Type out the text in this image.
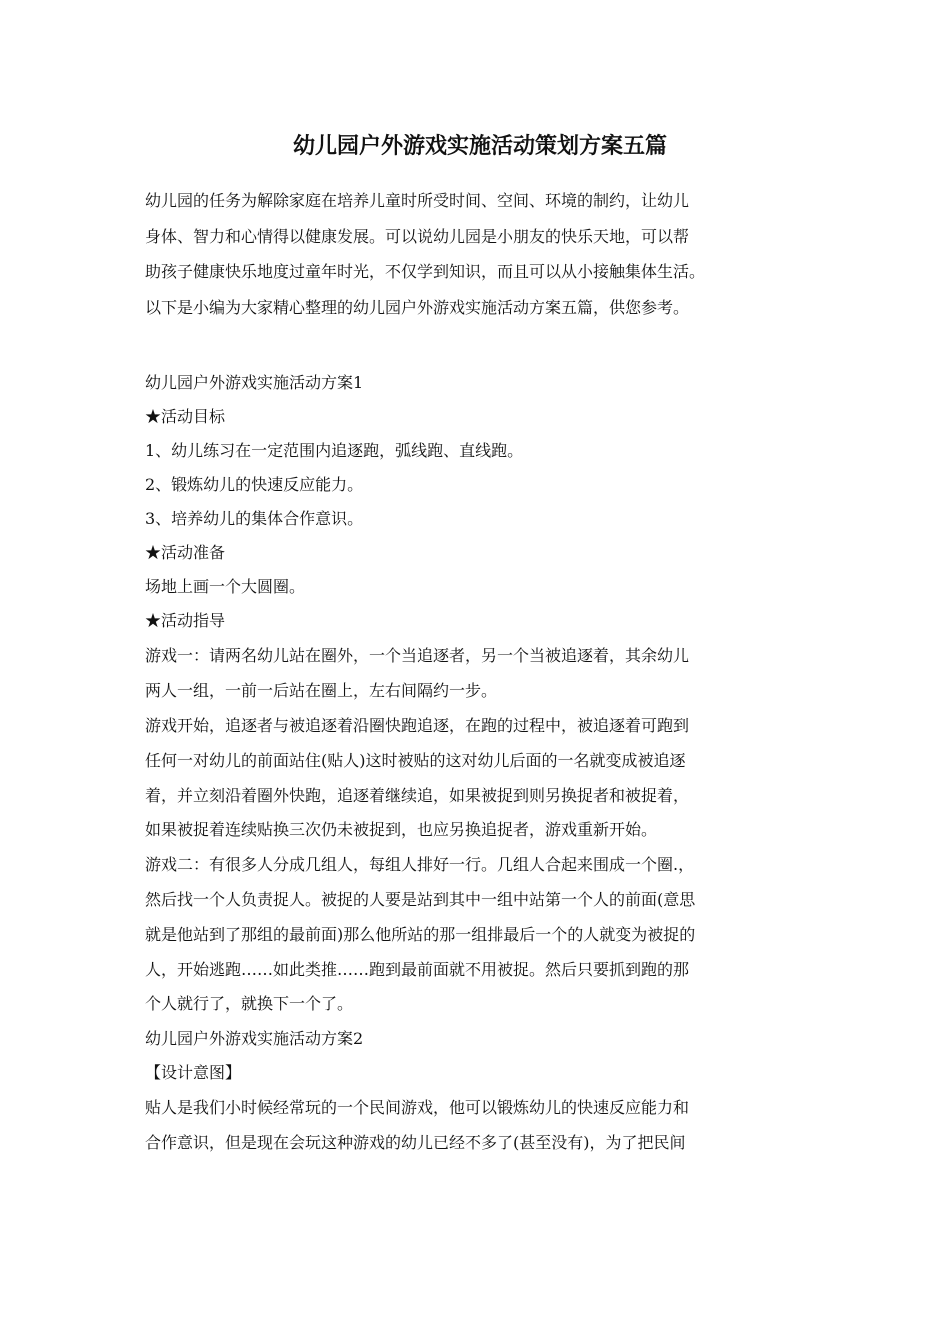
幼儿园户外游戏实施活动策划方案五篇
幼儿园的任务为解除家庭在培养儿童时所受时间、空间、环境的制约，让幼儿
身体、智力和心情得以健康发展。可以说幼儿园是小朋友的快乐天地，可以帮
助孩子健康快乐地度过童年时光，不仅学到知识，而且可以从小接触集体生活。
以下是小编为大家精心整理的幼儿园户外游戏实施活动方案五篇，供您参考。
幼儿园户外游戏实施活动方案1
★活动目标
1、幼儿练习在一定范围内追逐跑，弧线跑、直线跑。
2、锻炼幼儿的快速反应能力。
3、培养幼儿的集体合作意识。
★活动准备
场地上画一个大圆圈。
★活动指导
游戏一：请两名幼儿站在圈外，一个当追逐者，另一个当被追逐着，其余幼儿
两人一组，一前一后站在圈上，左右间隔约一步。
游戏开始，追逐者与被追逐着沿圈快跑追逐，在跑的过程中，被追逐着可跑到
任何一对幼儿的前面站住(贴人)这时被贴的这对幼儿后面的一名就变成被追逐
着，并立刻沿着圈外快跑，追逐着继续追，如果被捉到则另换捉者和被捉着，
如果被捉着连续贴换三次仍未被捉到，也应另换追捉者，游戏重新开始。
游戏二：有很多人分成几组人，每组人排好一行。几组人合起来围成一个圈.，
然后找一个人负责捉人。被捉的人要是站到其中一组中站第一个人的前面(意思
就是他站到了那组的最前面)那么他所站的那一组排最后一个的人就变为被捉的
人，开始逃跑……如此类推……跑到最前面就不用被捉。然后只要抓到跑的那
个人就行了，就换下一个了。
幼儿园户外游戏实施活动方案2
【设计意图】
贴人是我们小时候经常玩的一个民间游戏，他可以锻炼幼儿的快速反应能力和
合作意识，但是现在会玩这种游戏的幼儿已经不多了(甚至没有)，为了把民间
